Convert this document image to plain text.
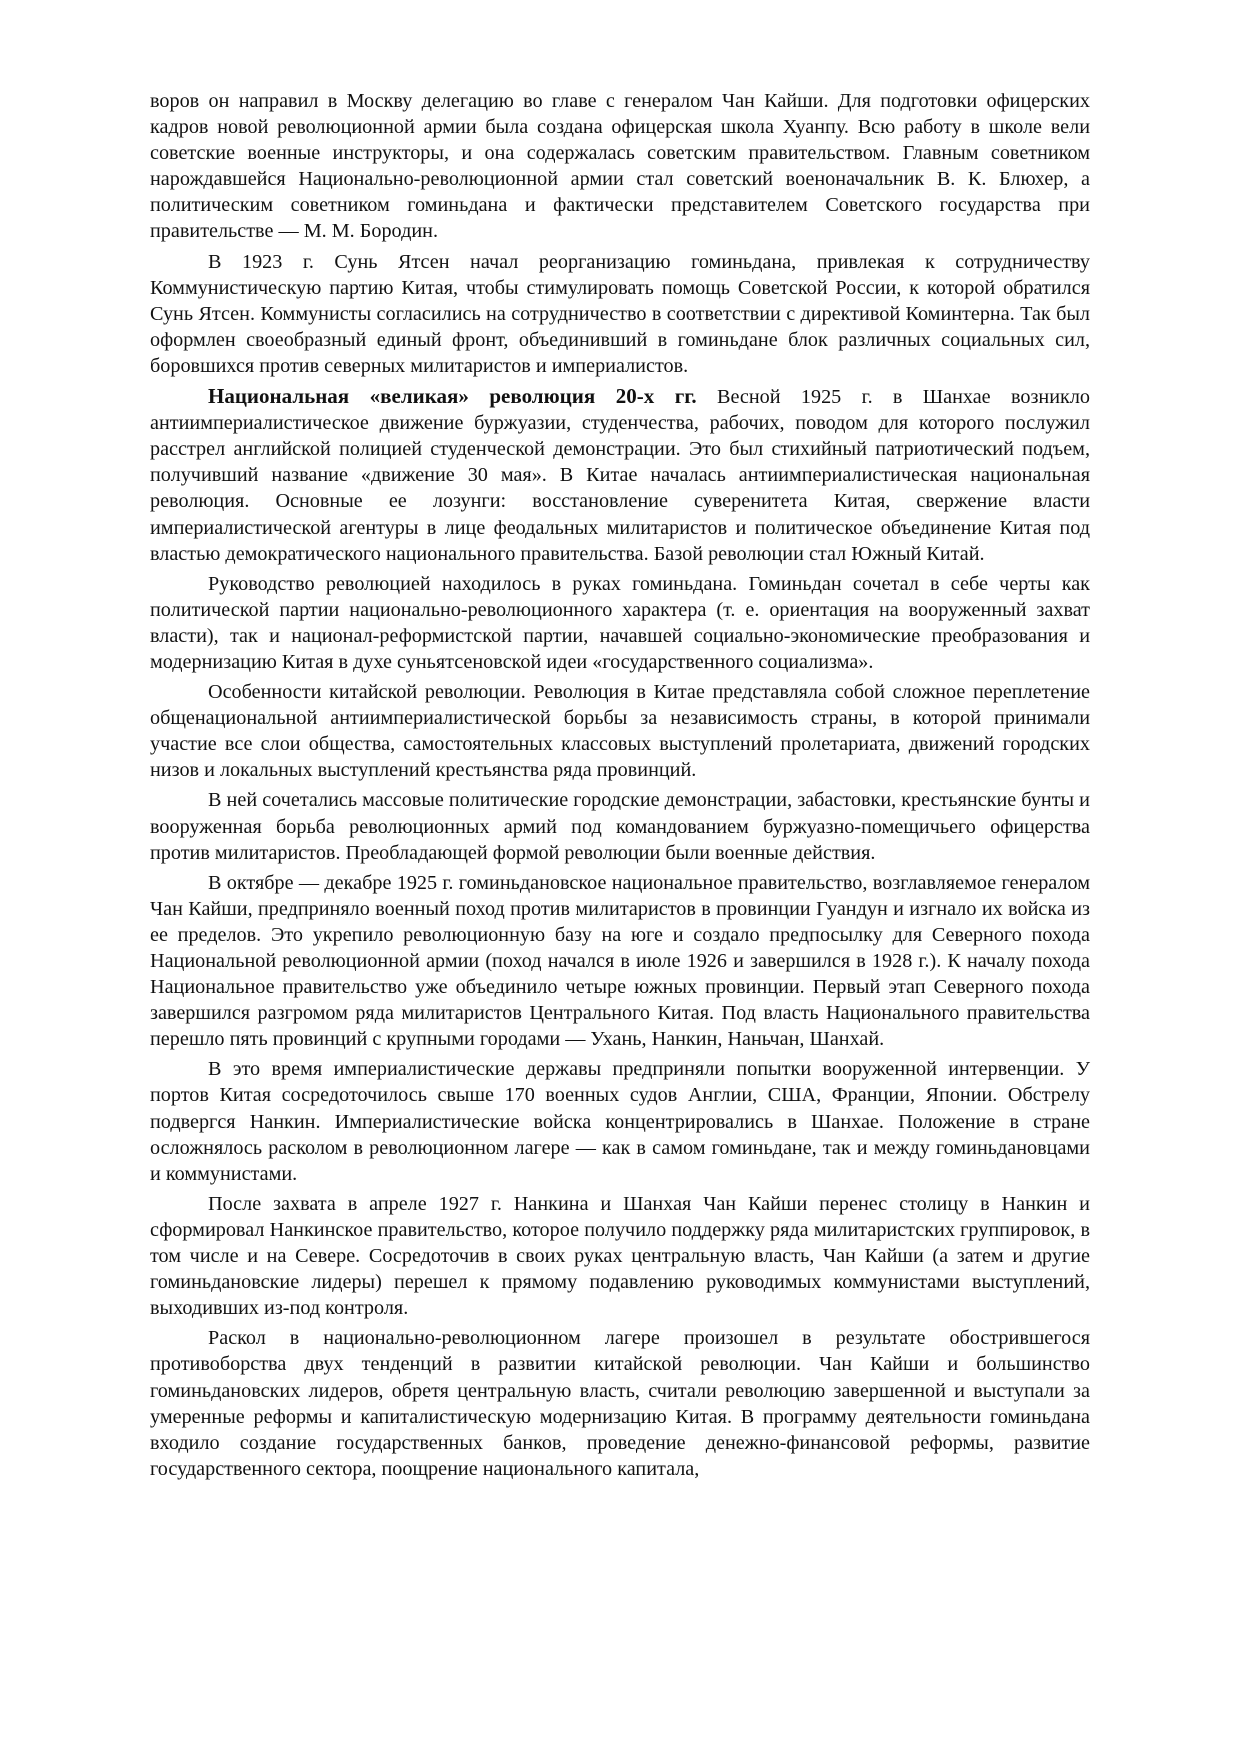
воров он направил в Москву делегацию во главе с генералом Чан Кайши. Для подготовки офицерских кадров новой революционной армии была создана офицерская школа Хуанпу. Всю работу в школе вели советские военные инструкторы, и она содержалась советским правительством. Главным советником нарождавшейся Национально-революционной армии стал советский военоначальник В. К. Блюхер, а политическим советником гоминьдана и фактически представителем Советского государства при правительстве — М. М. Бородин.

В 1923 г. Сунь Ятсен начал реорганизацию гоминьдана, привлекая к сотрудничеству Коммунистическую партию Китая, чтобы стимулировать помощь Советской России, к которой обратился Сунь Ятсен. Коммунисты согласились на сотрудничество в соответствии с директивой Коминтерна. Так был оформлен своеобразный единый фронт, объединивший в гоминьдане блок различных социальных сил, боровшихся против северных милитаристов и империалистов.

Национальная «великая» революция 20-х гг. Весной 1925 г. в Шанхае возникло антиимпериалистическое движение буржуазии, студенчества, рабочих, поводом для которого послужил расстрел английской полицией студенческой демонстрации. Это был стихийный патриотический подъем, получивший название «движение 30 мая». В Китае началась антиимпериалистическая национальная революция. Основные ее лозунги: восстановление суверенитета Китая, свержение власти империалистической агентуры в лице феодальных милитаристов и политическое объединение Китая под властью демократического национального правительства. Базой революции стал Южный Китай.

Руководство революцией находилось в руках гоминьдана. Гоминьдан сочетал в себе черты как политической партии национально-революционного характера (т. е. ориентация на вооруженный захват власти), так и национал-реформистской партии, начавшей социально-экономические преобразования и модернизацию Китая в духе суньятсеновской идеи «государственного социализма».

Особенности китайской революции. Революция в Китае представляла собой сложное переплетение общенациональной антиимпериалистической борьбы за независимость страны, в которой принимали участие все слои общества, самостоятельных классовых выступлений пролетариата, движений городских низов и локальных выступлений крестьянства ряда провинций.

В ней сочетались массовые политические городские демонстрации, забастовки, крестьянские бунты и вооруженная борьба революционных армий под командованием буржуазно-помещичьего офицерства против милитаристов. Преобладающей формой революции были военные действия.

В октябре — декабре 1925 г. гоминьдановское национальное правительство, возглавляемое генералом Чан Кайши, предприняло военный поход против милитаристов в провинции Гуандун и изгнало их войска из ее пределов. Это укрепило революционную базу на юге и создало предпосылку для Северного похода Национальной революционной армии (поход начался в июле 1926 и завершился в 1928 г.). К началу похода Национальное правительство уже объединило четыре южных провинции. Первый этап Северного похода завершился разгромом ряда милитаристов Центрального Китая. Под власть Национального правительства перешло пять провинций с крупными городами — Ухань, Нанкин, Наньчан, Шанхай.

В это время империалистические державы предприняли попытки вооруженной интервенции. У портов Китая сосредоточилось свыше 170 военных судов Англии, США, Франции, Японии. Обстрелу подвергся Нанкин. Империалистические войска концентрировались в Шанхае. Положение в стране осложнялось расколом в революционном лагере — как в самом гоминьдане, так и между гоминьдановцами и коммунистами.

После захвата в апреле 1927 г. Нанкина и Шанхая Чан Кайши перенес столицу в Нанкин и сформировал Нанкинское правительство, которое получило поддержку ряда милитаристских группировок, в том числе и на Севере. Сосредоточив в своих руках центральную власть, Чан Кайши (а затем и другие гоминьдановские лидеры) перешел к прямому подавлению руководимых коммунистами выступлений, выходивших из-под контроля.

Раскол в национально-революционном лагере произошел в результате обострившегося противоборства двух тенденций в развитии китайской революции. Чан Кайши и большинство гоминьдановских лидеров, обретя центральную власть, считали революцию завершенной и выступали за умеренные реформы и капиталистическую модернизацию Китая. В программу деятельности гоминьдана входило создание государственных банков, проведение денежно-финансовой реформы, развитие государственного сектора, поощрение национального капитала,
